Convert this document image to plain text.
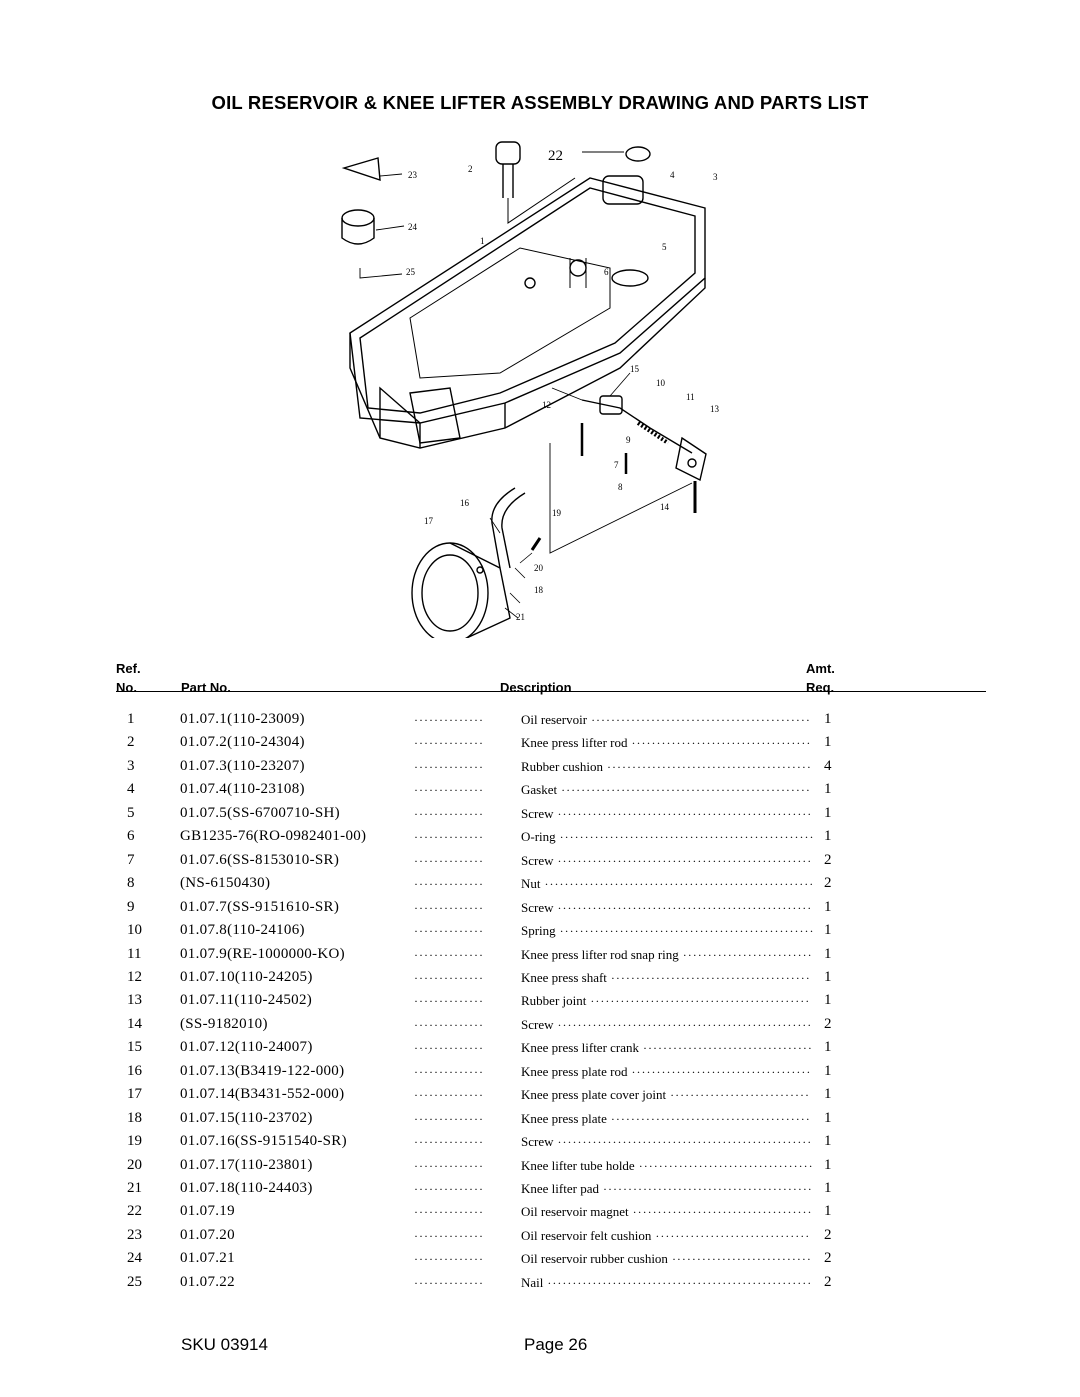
OIL RESERVOIR & KNEE LIFTER ASSEMBLY DRAWING AND PARTS LIST
22
2
23
24
25
1
4	3
5
6
15
10
11
13
12
9
7
8
14
16
17
19
20
18
21
Ref.
No.	Part No.	Description
Amt.
Req.
1	01.07.1(110-23009)	··············	Oil reservoir	1
············································
2	01.07.2(110-24304)	··············	Knee press lifter rod	1
····································
3	01.07.3(110-23207)	··············	Rubber cushion	4
·········································
4	01.07.4(110-23108)	··············	Gasket	1
··················································
5	01.07.5(SS-6700710-SH)	··············	Screw	1
···················································
6	GB1235-76(RO-0982401-00)	··············	O-ring	1
···················································
7	01.07.6(SS-8153010-SR)	··············	Screw	2
···················································
8	(NS-6150430)	··············	Nut	2
······················································
9	01.07.7(SS-9151610-SR)	··············	Screw	1
···················································
10	01.07.8(110-24106)	··············	Spring	1
···················································
11	01.07.9(RE-1000000-KO)	··············	Knee press lifter rod snap ring	1
··························
12	01.07.10(110-24205)	··············	Knee press shaft	1
········································
13	01.07.11(110-24502)	··············	Rubber joint	1
············································
14	(SS-9182010)	··············	Screw	2
···················································
15	01.07.12(110-24007)	··············	Knee press lifter crank	1
··································
16	01.07.13(B3419-122-000)	··············	Knee press plate rod	1
····································
17	01.07.14(B3431-552-000)	··············	Knee press plate cover joint	1
····························
18	01.07.15(110-23702)	··············	Knee press plate	1
········································
19	01.07.16(SS-9151540-SR)	··············	Screw	1
···················································
20	01.07.17(110-23801)	··············	Knee lifter tube holde	1
···································
21	01.07.18(110-24403)	··············	Knee lifter pad	1
··········································
22	01.07.19	··············	Oil reservoir magnet	1
····································
23	01.07.20	··············	Oil reservoir felt cushion	2
·······························
24	01.07.21	··············	Oil reservoir rubber cushion	2
····························
25	01.07.22	··············	Nail	2
·····················································
SKU 03914	Page 26
